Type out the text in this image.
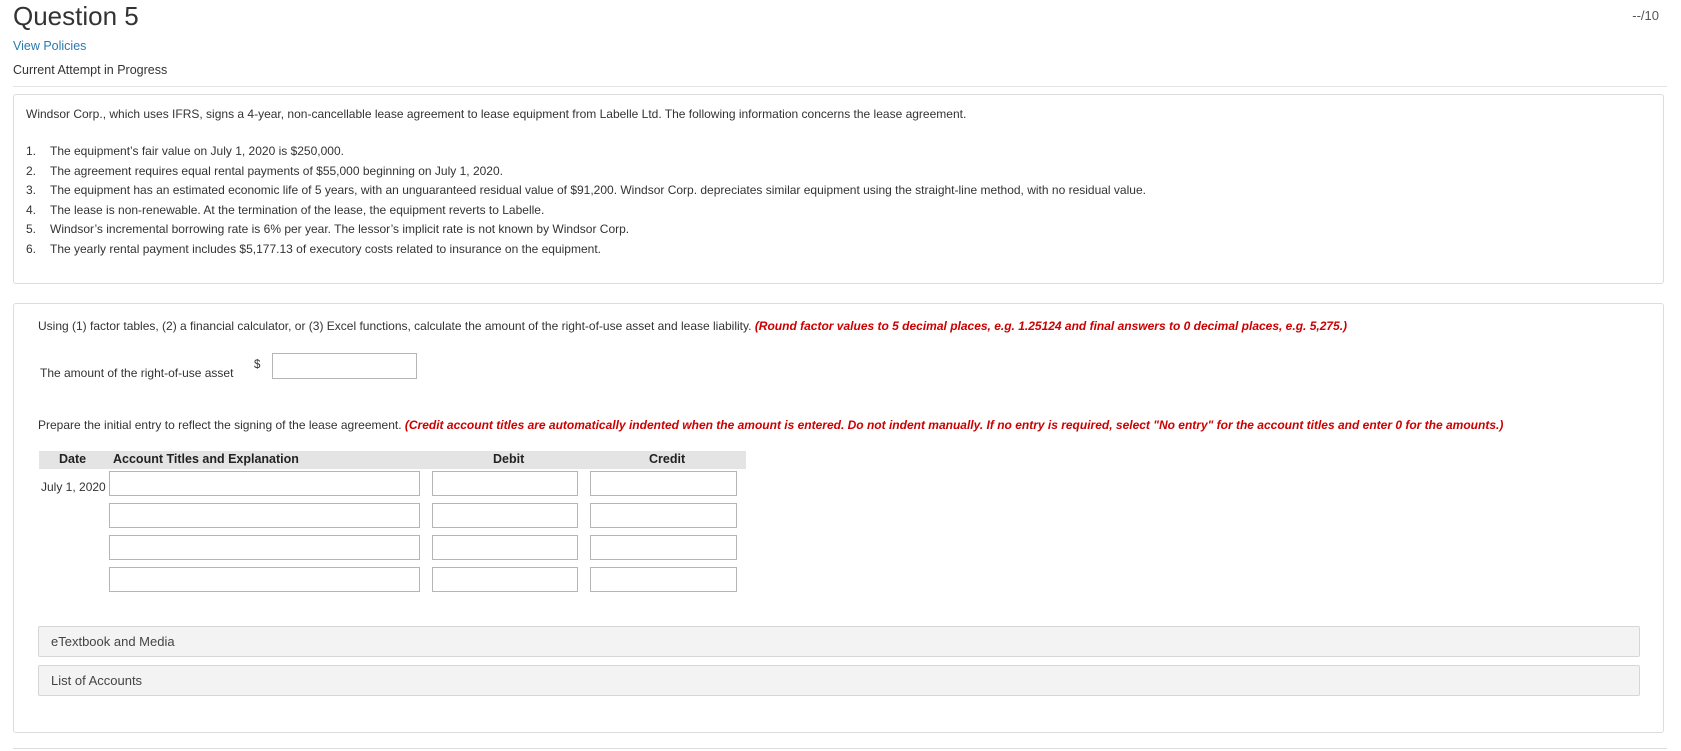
Question 5	--/10
View Policies
Current Attempt in Progress
Windsor Corp., which uses IFRS, signs a 4-year, non-cancellable lease agreement to lease equipment from Labelle Ltd. The following information concerns the lease agreement.
1. The equipment’s fair value on July 1, 2020 is $250,000.
2. The agreement requires equal rental payments of $55,000 beginning on July 1, 2020.
3. The equipment has an estimated economic life of 5 years, with an unguaranteed residual value of $91,200. Windsor Corp. depreciates similar equipment using the straight-line method, with no residual value.
4. The lease is non-renewable. At the termination of the lease, the equipment reverts to Labelle.
5. Windsor’s incremental borrowing rate is 6% per year. The lessor’s implicit rate is not known by Windsor Corp.
6. The yearly rental payment includes $5,177.13 of executory costs related to insurance on the equipment.
Using (1) factor tables, (2) a financial calculator, or (3) Excel functions, calculate the amount of the right-of-use asset and lease liability. (Round factor values to 5 decimal places, e.g. 1.25124 and final answers to 0 decimal places, e.g. 5,275.)
The amount of the right-of-use asset
$
Prepare the initial entry to reflect the signing of the lease agreement. (Credit account titles are automatically indented when the amount is entered. Do not indent manually. If no entry is required, select "No entry" for the account titles and enter 0 for the amounts.)
Date Account Titles and Explanation	Debit	Credit
July 1, 2020
eTextbook and Media
List of Accounts
